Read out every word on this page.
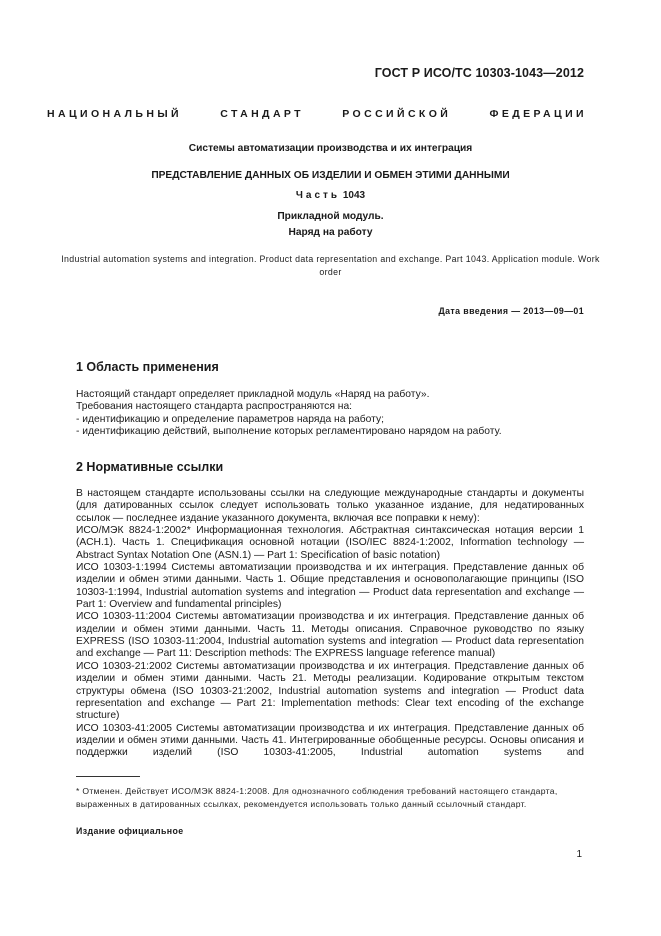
ГОСТ Р ИСО/ТС 10303-1043—2012
НАЦИОНАЛЬНЫЙ	СТАНДАРТ	РОССИЙСКОЙ	ФЕДЕРАЦИИ
Системы автоматизации производства и их интеграция
ПРЕДСТАВЛЕНИЕ ДАННЫХ ОБ ИЗДЕЛИИ И ОБМЕН ЭТИМИ ДАННЫМИ
Часть 1043
Прикладной модуль.
Наряд на работу
Industrial automation systems and integration. Product data representation and exchange. Part 1043. Application module. Work order
Дата введения — 2013—09—01
1 Область применения
Настоящий стандарт определяет прикладной модуль «Наряд на работу».
Требования настоящего стандарта распространяются на:
- идентификацию и определение параметров наряда на работу;
- идентификацию действий, выполнение которых регламентировано нарядом на работу.
2 Нормативные ссылки

В настоящем стандарте использованы ссылки на следующие международные стандарты и документы (для датированных ссылок следует использовать только указанное издание, для недатированных ссылок — последнее издание указанного документа, включая все поправки к нему):

ИСО/МЭК 8824-1:2002* Информационная технология. Абстрактная синтаксическая нотация версии 1 (АСН.1). Часть 1. Спецификация основной нотации (ISO/IEC 8824-1:2002, Information technology — Abstract Syntax Notation One (ASN.1) — Part 1: Specification of basic notation)

ИСО 10303-1:1994 Системы автоматизации производства и их интеграция. Представление данных об изделии и обмен этими данными. Часть 1. Общие представления и основополагающие принципы (ISO 10303-1:1994, Industrial automation systems and integration — Product data representation and exchange — Part 1: Overview and fundamental principles)

ИСО 10303-11:2004 Системы автоматизации производства и их интеграция. Представление данных об изделии и обмен этими данными. Часть 11. Методы описания. Справочное руководство по языку EXPRESS (ISO 10303-11:2004, Industrial automation systems and integration — Product data representation and exchange — Part 11: Description methods: The EXPRESS language reference manual)

ИСО 10303-21:2002 Системы автоматизации производства и их интеграция. Представление данных об изделии и обмен этими данными. Часть 21. Методы реализации. Кодирование открытым текстом структуры обмена (ISO 10303-21:2002, Industrial automation systems and integration — Product data representation and exchange — Part 21: Implementation methods: Clear text encoding of the exchange structure)

ИСО 10303-41:2005 Системы автоматизации производства и их интеграция. Представление данных об изделии и обмен этими данными. Часть 41. Интегрированные обобщенные ресурсы. Основы описания и поддержки изделий (ISO 10303-41:2005, Industrial automation systems and

* Отменен. Действует ИСО/МЭК 8824-1:2008. Для однозначного соблюдения требований настоящего стандарта, выраженных в датированных ссылках, рекомендуется использовать только данный ссылочный стандарт.
Издание официальное
1
